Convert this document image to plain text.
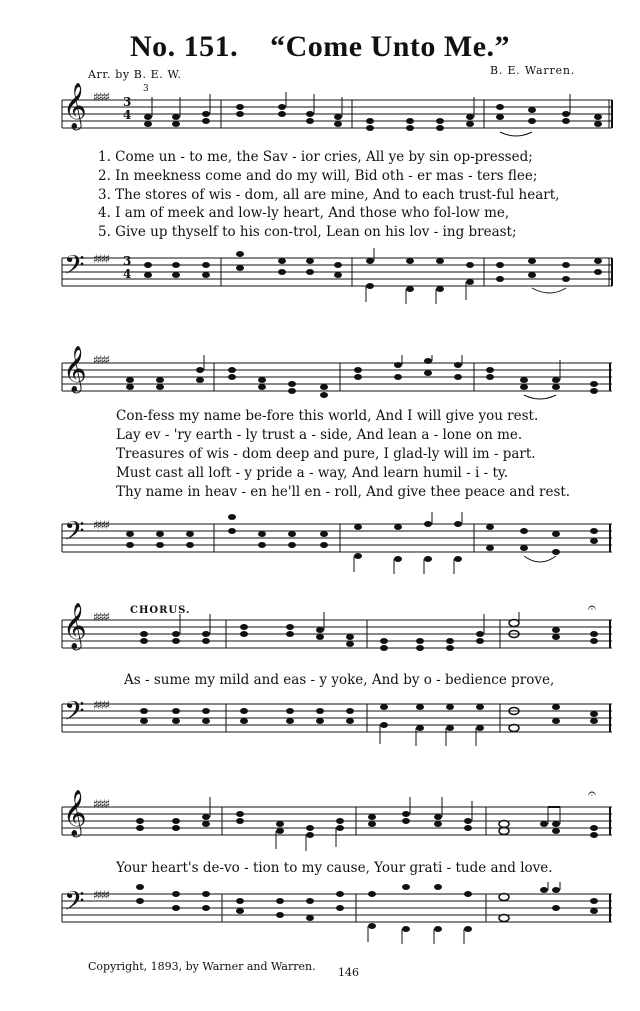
No. 151. “Come Unto Me.”
Arr. by B. E. W.	B. E. Warren.
3
𝄞 ♯♯♯♯ 3
4
1. Come un - to me, the Sav - ior cries, All ye by sin op-pressed;
2. In meekness come and do my will, Bid oth - er mas - ters flee;
3. The stores of wis - dom, all are mine, And to each trust-ful heart,
4. I am of meek and low-ly heart, And those who fol-low me,
5. Give up thyself to his con-trol, Lean on his lov - ing breast;
𝄢 ♯♯♯♯ 3
4
𝄞 ♯♯♯♯
Con-fess my name be-fore this world, And I will give you rest.
Lay ev - 'ry earth - ly trust a - side, And lean a - lone on me.
Treasures of wis - dom deep and pure, I glad-ly will im - part.
Must cast all loft - y pride a - way, And learn humil - i - ty.
Thy name in heav - en he'll en - roll, And give thee peace and rest.
𝄢 ♯♯♯♯
CHORUS.
𝄞 ♯♯♯♯
𝄐
As - sume my mild and eas - y yoke, And by o - bedience prove,
𝄢 ♯♯♯♯
𝄞 ♯♯♯♯
𝄐
Your heart's de-vo - tion to my cause, Your grati - tude and love.
𝄢 ♯♯♯♯
Copyright, 1893, by Warner and Warren. 146
